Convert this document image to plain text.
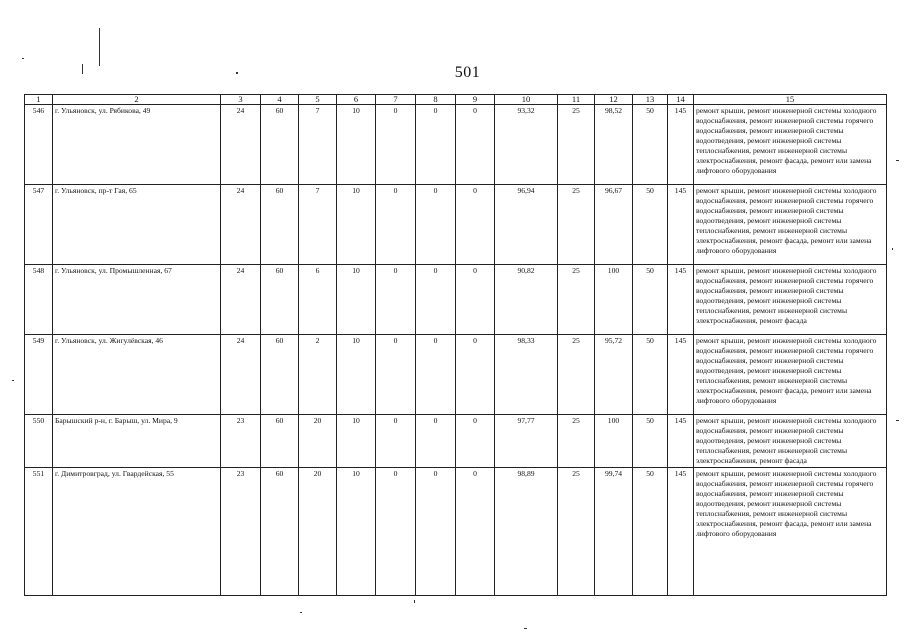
501
1	2	3	4	5	6	7	8	9	10	11	12	13	14	15
546	г. Ульяновск, ул. Рябикова, 49	24	60	7	10	0	0	0	93,32	25	98,52	50	145	ремонт крыши, ремонт инженерной системы холодного водоснабжения, ремонт инженерной системы горячего водоснабжения, ремонт инженерной системы водоотведения, ремонт инженерной системы теплоснабжения, ремонт инженерной системы электроснабжения, ремонт фасада, ремонт или замена лифтового оборудования
547	г. Ульяновск, пр-т Гая, 65	24	60	7	10	0	0	0	96,94	25	96,67	50	145	ремонт крыши, ремонт инженерной системы холодного водоснабжения, ремонт инженерной системы горячего водоснабжения, ремонт инженерной системы водоотведения, ремонт инженерной системы теплоснабжения, ремонт инженерной системы электроснабжения, ремонт фасада, ремонт или замена лифтового оборудования
548	г. Ульяновск, ул. Промышленная, 67	24	60	6	10	0	0	0	90,82	25	100	50	145	ремонт крыши, ремонт инженерной системы холодного водоснабжения, ремонт инженерной системы горячего водоснабжения, ремонт инженерной системы водоотведения, ремонт инженерной системы теплоснабжения, ремонт инженерной системы электроснабжения, ремонт фасада
549	г. Ульяновск, ул. Жигулёвская, 46	24	60	2	10	0	0	0	98,33	25	95,72	50	145	ремонт крыши, ремонт инженерной системы холодного водоснабжения, ремонт инженерной системы горячего водоснабжения, ремонт инженерной системы водоотведения, ремонт инженерной системы теплоснабжения, ремонт инженерной системы электроснабжения, ремонт фасада, ремонт или замена лифтового оборудования
550	Барышский р-н, г. Барыш, ул. Мира, 9	23	60	20	10	0	0	0	97,77	25	100	50	145	ремонт крыши, ремонт инженерной системы холодного водоснабжения, ремонт инженерной системы водоотведения, ремонт инженерной системы теплоснабжения, ремонт инженерной системы электроснабжения, ремонт фасада
551	г. Димитровград, ул. Гвардейская, 55	23	60	20	10	0	0	0	98,89	25	99,74	50	145	ремонт крыши, ремонт инженерной системы холодного водоснабжения, ремонт инженерной системы горячего водоснабжения, ремонт инженерной системы водоотведения, ремонт инженерной системы теплоснабжения, ремонт инженерной системы электроснабжения, ремонт фасада, ремонт или замена лифтового оборудования
